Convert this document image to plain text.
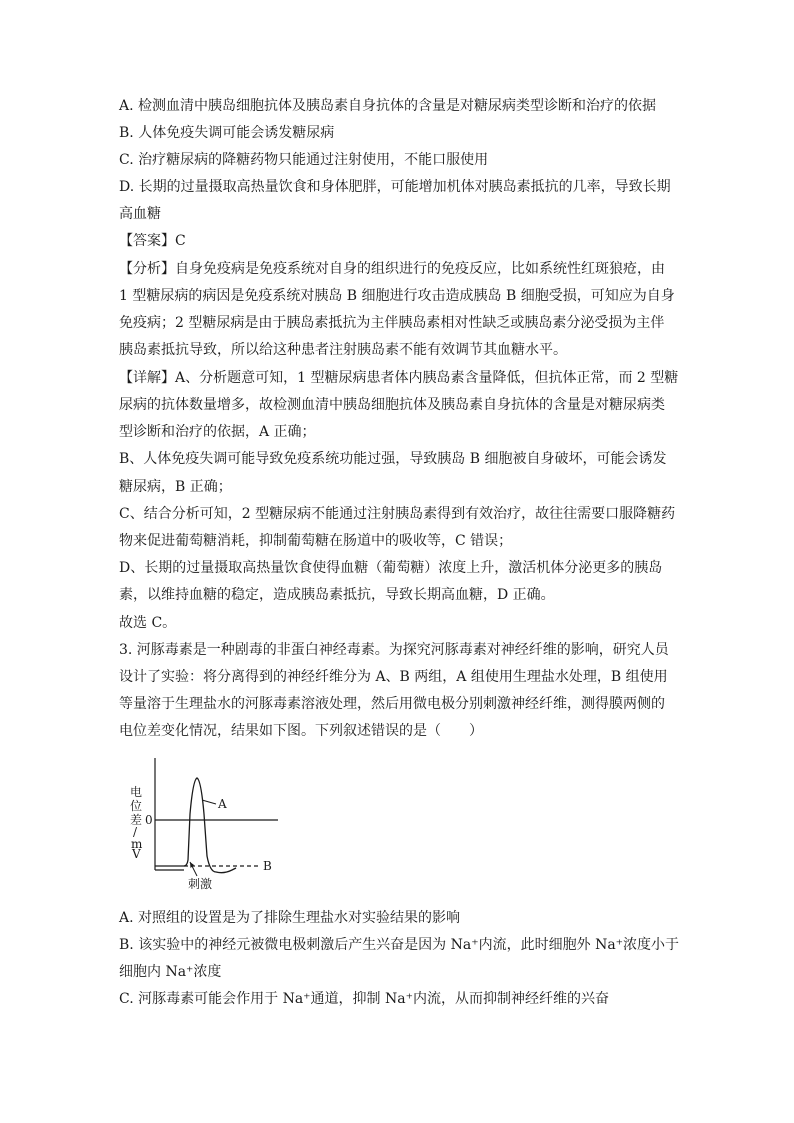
A. 检测血清中胰岛细胞抗体及胰岛素自身抗体的含量是对糖尿病类型诊断和治疗的依据
B. 人体免疫失调可能会诱发糖尿病
C. 治疗糖尿病的降糖药物只能通过注射使用，不能口服使用
D. 长期的过量摄取高热量饮食和身体肥胖，可能增加机体对胰岛素抵抗的几率，导致长期
高血糖
【答案】C
【分析】自身免疫病是免疫系统对自身的组织进行的免疫反应，比如系统性红斑狼疮，由
1 型糖尿病的病因是免疫系统对胰岛 B 细胞进行攻击造成胰岛 B 细胞受损，可知应为自身
免疫病；2 型糖尿病是由于胰岛素抵抗为主伴胰岛素相对性缺乏或胰岛素分泌受损为主伴
胰岛素抵抗导致，所以给这种患者注射胰岛素不能有效调节其血糖水平。
【详解】A、分析题意可知，1 型糖尿病患者体内胰岛素含量降低，但抗体正常，而 2 型糖
尿病的抗体数量增多，故检测血清中胰岛细胞抗体及胰岛素自身抗体的含量是对糖尿病类
型诊断和治疗的依据，A 正确；
B、人体免疫失调可能导致免疫系统功能过强，导致胰岛 B 细胞被自身破坏，可能会诱发
糖尿病，B 正确；
C、结合分析可知，2 型糖尿病不能通过注射胰岛素得到有效治疗，故往往需要口服降糖药
物来促进葡萄糖消耗，抑制葡萄糖在肠道中的吸收等，C 错误；
D、长期的过量摄取高热量饮食使得血糖（葡萄糖）浓度上升，激活机体分泌更多的胰岛
素，以维持血糖的稳定，造成胰岛素抵抗，导致长期高血糖，D 正确。
故选 C。
3. 河豚毒素是一种剧毒的非蛋白神经毒素。为探究河豚毒素对神经纤维的影响，研究人员
设计了实验：将分离得到的神经纤维分为 A、B 两组，A 组使用生理盐水处理，B 组使用
等量溶于生理盐水的河豚毒素溶液处理，然后用微电极分别刺激神经纤维，测得膜两侧的
电位差变化情况，结果如下图。下列叙述错误的是（　　）
电
位
差
/
m
V
0
A
B
刺激
A. 对照组的设置是为了排除生理盐水对实验结果的影响
B. 该实验中的神经元被微电极刺激后产生兴奋是因为 Na⁺内流，此时细胞外 Na⁺浓度小于
细胞内 Na⁺浓度
C. 河豚毒素可能会作用于 Na⁺通道，抑制 Na⁺内流，从而抑制神经纤维的兴奋
